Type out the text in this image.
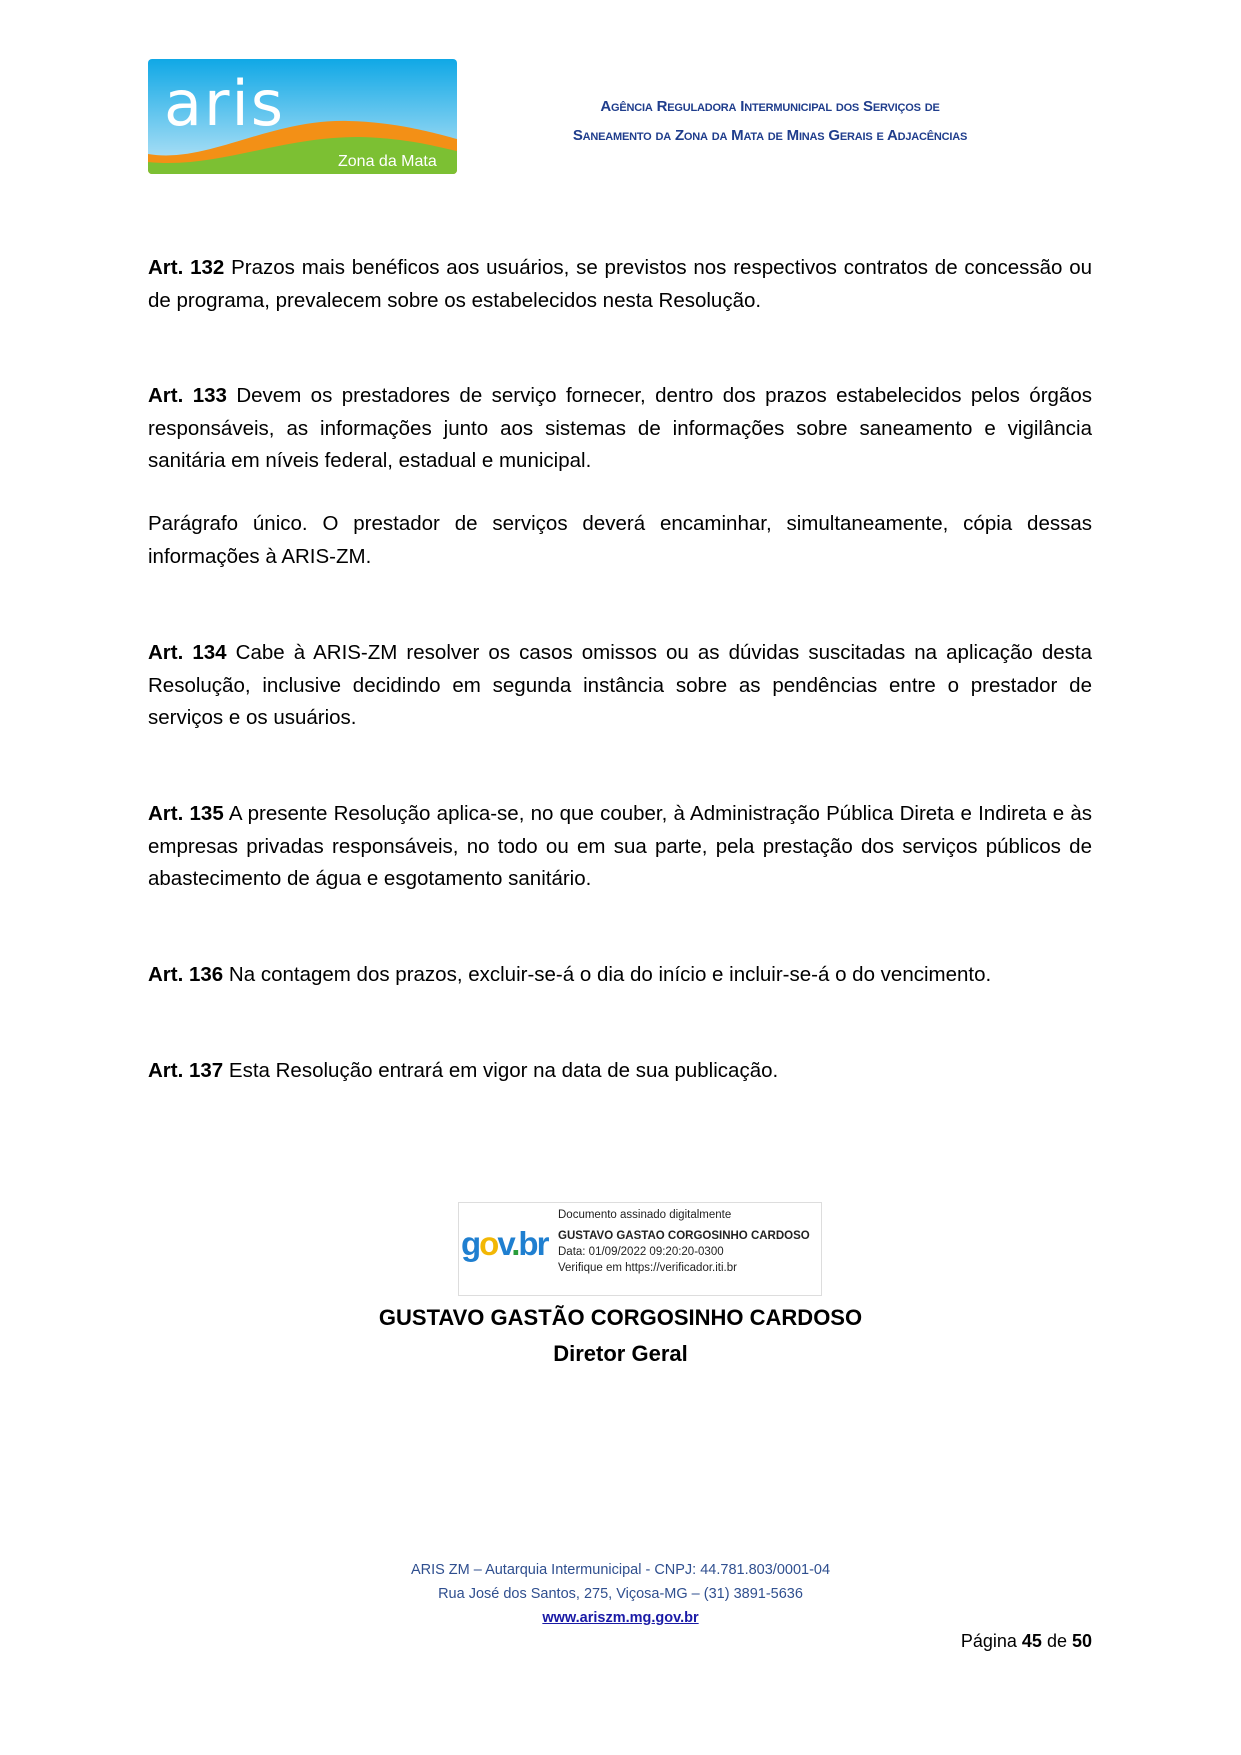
aris
Zona da Mata
Agência Reguladora Intermunicipal dos Serviços de
Saneamento da Zona da Mata de Minas Gerais e Adjacências
Art. 132 Prazos mais benéficos aos usuários, se previstos nos respectivos contratos de concessão ou de programa, prevalecem sobre os estabelecidos nesta Resolução.
Art. 133 Devem os prestadores de serviço fornecer, dentro dos prazos estabelecidos pelos órgãos responsáveis, as informações junto aos sistemas de informações sobre saneamento e vigilância sanitária em níveis federal, estadual e municipal.
Parágrafo único. O prestador de serviços deverá encaminhar, simultaneamente, cópia dessas informações à ARIS-ZM.
Art. 134 Cabe à ARIS-ZM resolver os casos omissos ou as dúvidas suscitadas na aplicação desta Resolução, inclusive decidindo em segunda instância sobre as pendências entre o prestador de serviços e os usuários.
Art. 135 A presente Resolução aplica-se, no que couber, à Administração Pública Direta e Indireta e às empresas privadas responsáveis, no todo ou em sua parte, pela prestação dos serviços públicos de abastecimento de água e esgotamento sanitário.
Art. 136 Na contagem dos prazos, excluir-se-á o dia do início e incluir-se-á o do vencimento.
Art. 137 Esta Resolução entrará em vigor na data de sua publicação.
gov.br
Documento assinado digitalmente
GUSTAVO GASTAO CORGOSINHO CARDOSO
Data: 01/09/2022 09:20:20-0300
Verifique em https://verificador.iti.br
GUSTAVO GASTÃO CORGOSINHO CARDOSO
Diretor Geral
ARIS ZM – Autarquia Intermunicipal - CNPJ: 44.781.803/0001-04
Rua José dos Santos, 275, Viçosa-MG – (31) 3891-5636
www.ariszm.mg.gov.br
Página 45 de 50
